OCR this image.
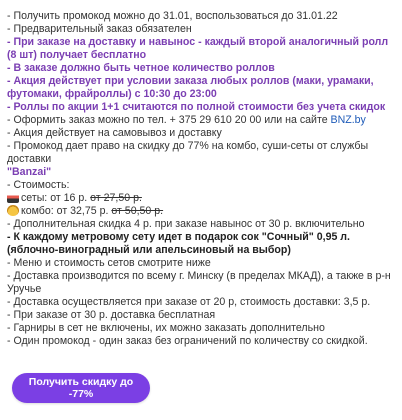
- Получить промокод можно до 31.01, воспользоваться до 31.01.22

- Предварительный заказ обязателен

- При заказе на доставку и навынос - каждый второй аналогичный ролл (8 шт) получает бесплатно

- В заказе должно быть четное количество роллов

- Акция действует при условии заказа любых роллов (маки, урамаки, футомаки, фрайроллы) с 10:30 до 23:00

- Роллы по акции 1+1 считаются по полной стоимости без учета скидок

- Оформить заказ можно по тел. + 375 29 610 20 00 или на сайте BNZ.by

- Акция действует на самовывоз и доставку

- Промокод дает право на скидку до 77% на комбо, суши-сеты от службы доставки
"Banzai"

- Стоимость:

сеты: от 16 р. от 27,50 р.

комбо: от 32,75 р. от 50,50 р.

- Дополнительная скидка 4 р. при заказе навынос от 30 р. включительно

- К каждому метровому сету идет в подарок сок "Сочный" 0,95 л. (яблочно-виноградный или апельсиновый на выбор)

- Меню и стоимость сетов смотрите ниже

- Доставка производится по всему г. Минску (в пределах МКАД), а также в р-н Уручье

- Доставка осуществляется при заказе от 20 р, стоимость доставки: 3,5 р.

- При заказе от 30 р. доставка бесплатная

- Гарниры в сет не включены, их можно заказать дополнительно

- Один промокод - один заказ без ограничений по количеству со скидкой.

Получить скидку до -77%
